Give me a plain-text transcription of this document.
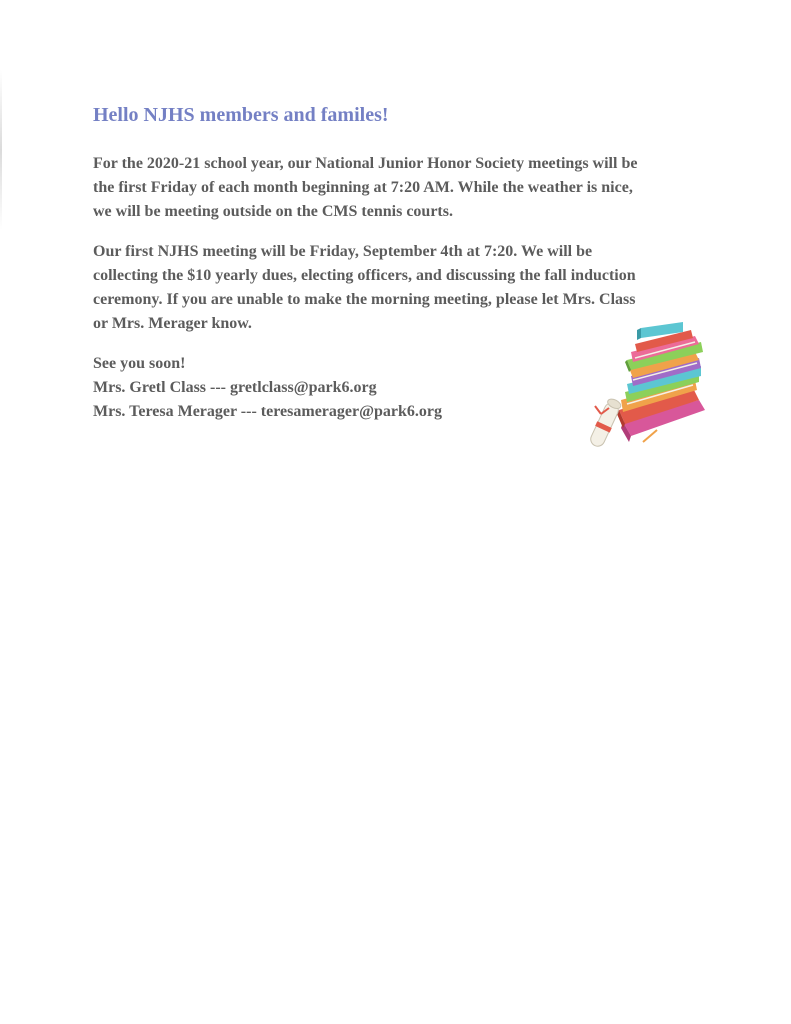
Hello NJHS members and familes!
For the 2020-21 school year, our National Junior Honor Society meetings will be
the first Friday of each month beginning at 7:20 AM. While the weather is nice,
we will be meeting outside on the CMS tennis courts.
Our first NJHS meeting will be Friday, September 4th at 7:20. We will be
collecting the $10 yearly dues, electing officers, and discussing the fall induction
ceremony. If you are unable to make the morning meeting, please let Mrs. Class
or Mrs. Merager know.
See you soon!
Mrs. Gretl Class --- gretlclass@park6.org
Mrs. Teresa Merager --- teresamerager@park6.org
